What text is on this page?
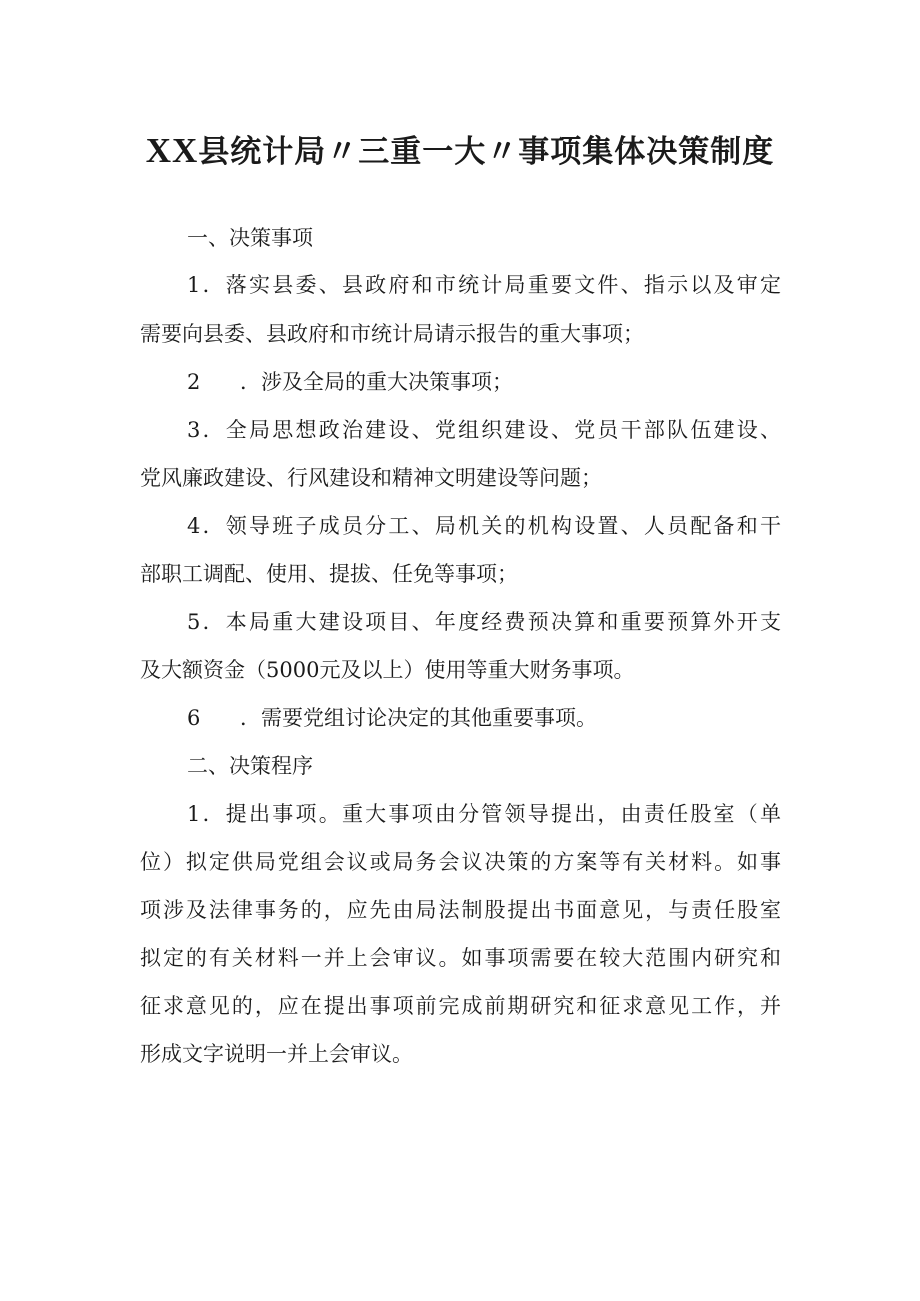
XX县统计局〃三重一大〃事项集体决策制度
一、决策事项
1．落实县委、县政府和市统计局重要文件、指示以及审定
需要向县委、县政府和市统计局请示报告的重大事项；
2 ．涉及全局的重大决策事项；
3．全局思想政治建设、党组织建设、党员干部队伍建设、
党风廉政建设、行风建设和精神文明建设等问题；
4．领导班子成员分工、局机关的机构设置、人员配备和干
部职工调配、使用、提拔、任免等事项；
5．本局重大建设项目、年度经费预决算和重要预算外开支
及大额资金（5000元及以上）使用等重大财务事项。
6 ．需要党组讨论决定的其他重要事项。
二、决策程序
1．提出事项。重大事项由分管领导提出，由责任股室（单
位）拟定供局党组会议或局务会议决策的方案等有关材料。如事
项涉及法律事务的，应先由局法制股提出书面意见，与责任股室
拟定的有关材料一并上会审议。如事项需要在较大范围内研究和
征求意见的，应在提出事项前完成前期研究和征求意见工作，并
形成文字说明一并上会审议。
